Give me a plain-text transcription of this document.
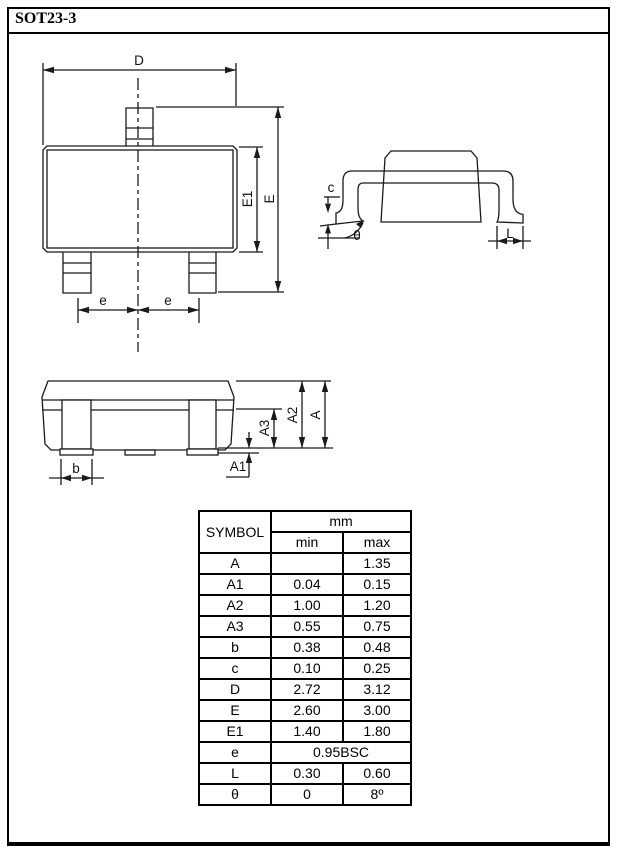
SOT23-3
D
E1 E
e	e
c
θ	L
b
A3
A2 A
A1
SYMBOL	mm	
	min	max
A		1.35
A1	0.04	0.15
A2	1.00	1.20
A3	0.55	0.75
b	0.38	0.48
c	0.10	0.25
D	2.72	3.12
E	2.60	3.00
E1	1.40	1.80
e	0.95BSC	
L	0.30	0.60
θ	0	8º
